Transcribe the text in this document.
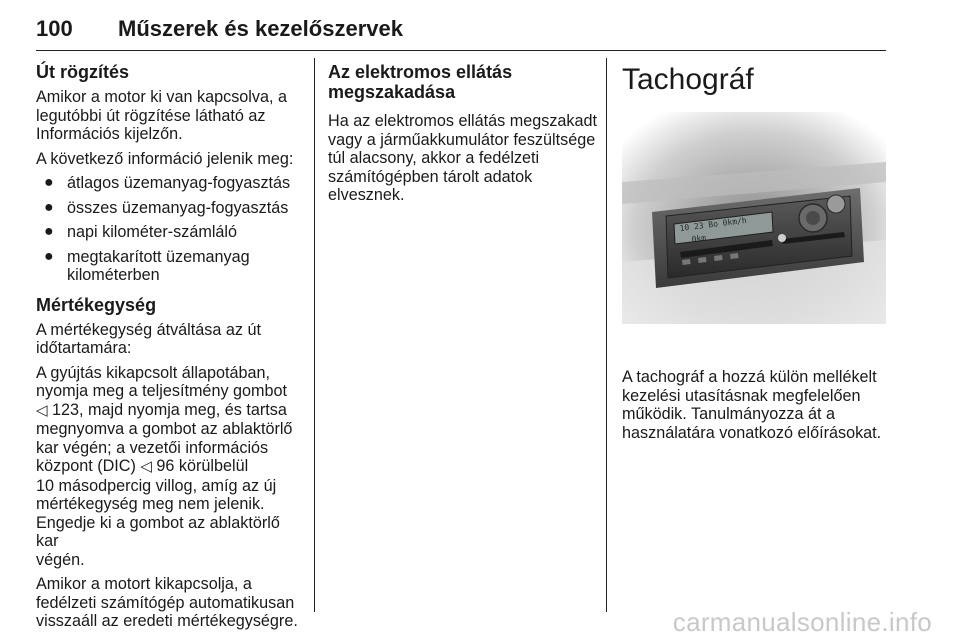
100 Műszerek és kezelőszervek
Út rögzítés

Amikor a motor ki van kapcsolva, a
legutóbbi út rögzítése látható az
Információs kijelzőn.

A következő információ jelenik meg:

● átlagos üzemanyag-fogyasztás
● összes üzemanyag-fogyasztás
● napi kilométer-számláló
● megtakarított üzemanyag
kilométerben
Mértékegység

A mértékegység átváltása az út
időtartamára:

A gyújtás kikapcsolt állapotában,
nyomja meg a teljesítmény gombot
◁ 123, majd nyomja meg, és tartsa
megnyomva a gombot az ablaktörlő
kar végén; a vezetői információs
központ (DIC) ◁ 96 körülbelül
10 másodpercig villog, amíg az új
mértékegység meg nem jelenik.
Engedje ki a gombot az ablaktörlő kar
végén.

Amikor a motort kikapcsolja, a
fedélzeti számítógép automatikusan
visszaáll az eredeti mértékegységre.

Az elektromos ellátás
megszakadása

Ha az elektromos ellátás megszakadt
vagy a járműakkumulátor feszültsége
túl alacsony, akkor a fedélzeti
számítógépben tárolt adatok
elvesznek.

Tachográf
10 23 Bo 0km/h
0km

A tachográf a hozzá külön mellékelt
kezelési utasításnak megfelelően
működik. Tanulmányozza át a
használatára vonatkozó előírásokat.

carmanualsonline.info
